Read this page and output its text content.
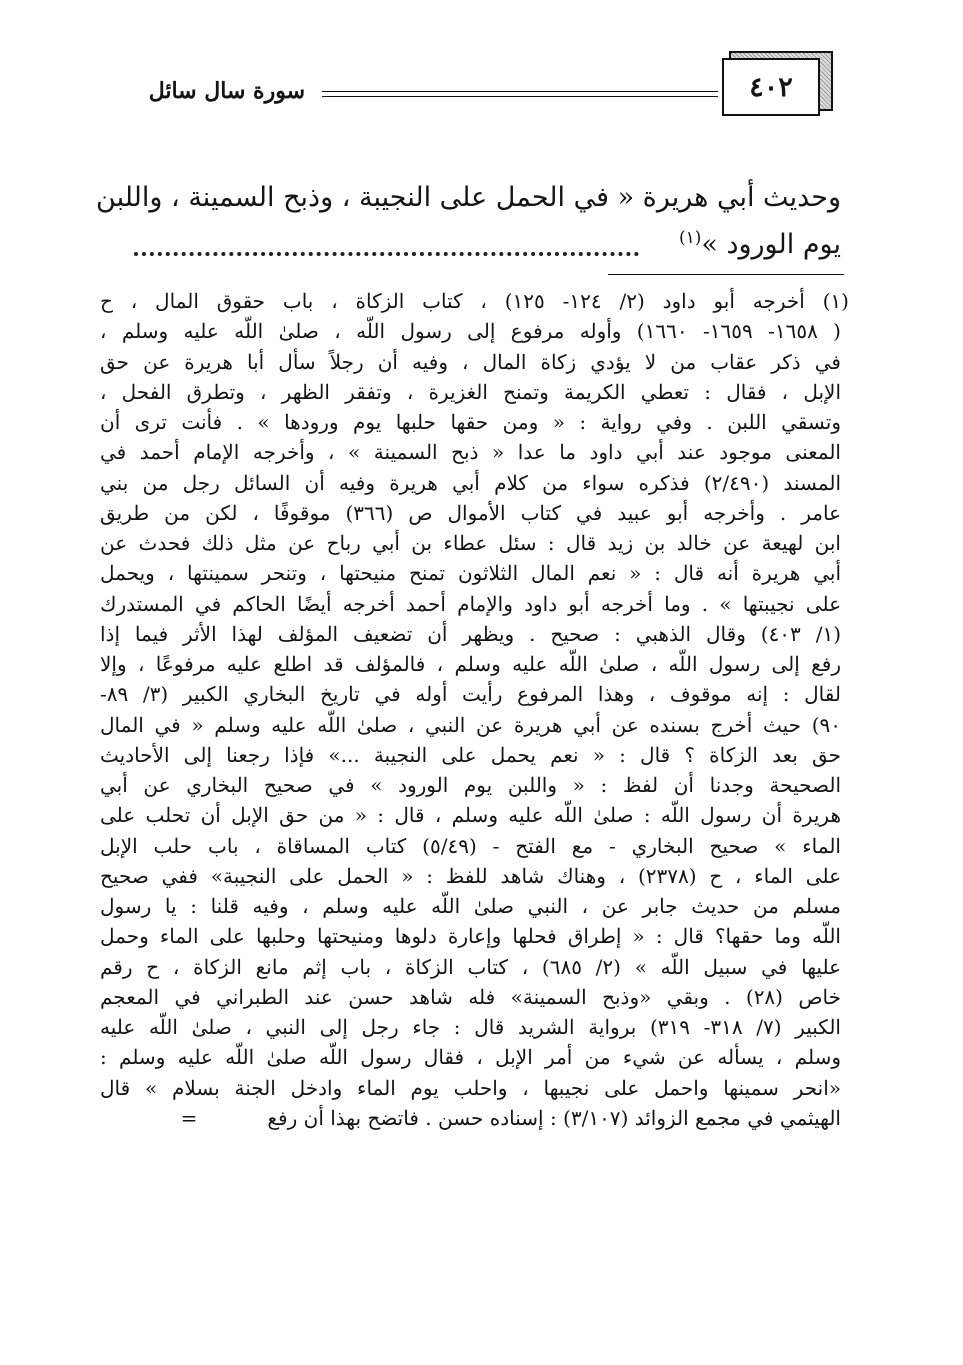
٤٠٢
سورة سال سائل
وحديث أبي هريرة « في الحمل على النجيبة ، وذبح السمينة ، واللبن
يوم الورود »$^{(١)}$
(١) أخرجه أبو داود (٢/ ١٢٤- ١٢٥) ، كتاب الزكاة ، باب حقوق المال ، ح
( ١٦٥٨- ١٦٥٩- ١٦٦٠) وأوله مرفوع إلى رسول اللّه ، صلىٰ اللّه عليه وسلم ،
في ذكر عقاب من لا يؤدي زكاة المال ، وفيه أن رجلاً سأل أبا هريرة عن حق
الإبل ، فقال : تعطي الكريمة وتمنح الغزيرة ، وتفقر الظهر ، وتطرق الفحل ،
وتسقي اللبن . وفي رواية : « ومن حقها حلبها يوم ورودها » . فأنت ترى أن
المعنى موجود عند أبي داود ما عدا « ذبح السمينة » ، وأخرجه الإمام أحمد في
المسند (٢/٤٩٠) فذكره سواء من كلام أبي هريرة وفيه أن السائل رجل من بني
عامر . وأخرجه أبو عبيد في كتاب الأموال ص (٣٦٦) موقوفًا ، لكن من طريق
ابن لهيعة عن خالد بن زيد قال : سئل عطاء بن أبي رباح عن مثل ذلك فحدث عن
أبي هريرة أنه قال : « نعم المال الثلاثون تمنح منيحتها ، وتنحر سمينتها ، ويحمل
على نجيبتها » . وما أخرجه أبو داود والإمام أحمد أخرجه أيضًا الحاكم في المستدرك
(١/ ٤٠٣) وقال الذهبي : صحيح . ويظهر أن تضعيف المؤلف لهذا الأثر فيما إذا
رفع إلى رسول اللّه ، صلىٰ اللّه عليه وسلم ، فالمؤلف قد اطلع عليه مرفوعًا ، وإلا
لقال : إنه موقوف ، وهذا المرفوع رأيت أوله في تاريخ البخاري الكبير (٣/ ٨٩-
٩٠) حيث أخرج بسنده عن أبي هريرة عن النبي ، صلىٰ اللّه عليه وسلم « في المال
حق بعد الزكاة ؟ قال : « نعم يحمل على النجيبة ...» فإذا رجعنا إلى الأحاديث
الصحيحة وجدنا أن لفظ : « واللبن يوم الورود » في صحيح البخاري عن أبي
هريرة أن رسول اللّه : صلىٰ اللّه عليه وسلم ، قال : « من حق الإبل أن تحلب على
الماء » صحيح البخاري - مع الفتح - (٥/٤٩) كتاب المساقاة ، باب حلب الإبل
على الماء ، ح (٢٣٧٨) ، وهناك شاهد للفظ : « الحمل على النجيبة» ففي صحيح
مسلم من حديث جابر عن ، النبي صلىٰ اللّه عليه وسلم ، وفيه قلنا : يا رسول
اللّه وما حقها؟ قال : « إطراق فحلها وإعارة دلوها ومنيحتها وحلبها على الماء وحمل
عليها في سبيل اللّه » (٢/ ٦٨٥) ، كتاب الزكاة ، باب إثم مانع الزكاة ، ح رقم
خاص (٢٨) . وبقي «وذبح السمينة» فله شاهد حسن عند الطبراني في المعجم
الكبير (٧/ ٣١٨- ٣١٩) برواية الشريد قال : جاء رجل إلى النبي ، صلىٰ اللّه عليه
وسلم ، يسأله عن شيء من أمر الإبل ، فقال رسول اللّه صلىٰ اللّه عليه وسلم :
«انحر سمينها واحمل على نجيبها ، واحلب يوم الماء وادخل الجنة بسلام » قال
الهيثمي في مجمع الزوائد (٣/١٠٧) : إسناده حسن . فاتضح بهذا أن رفع=
